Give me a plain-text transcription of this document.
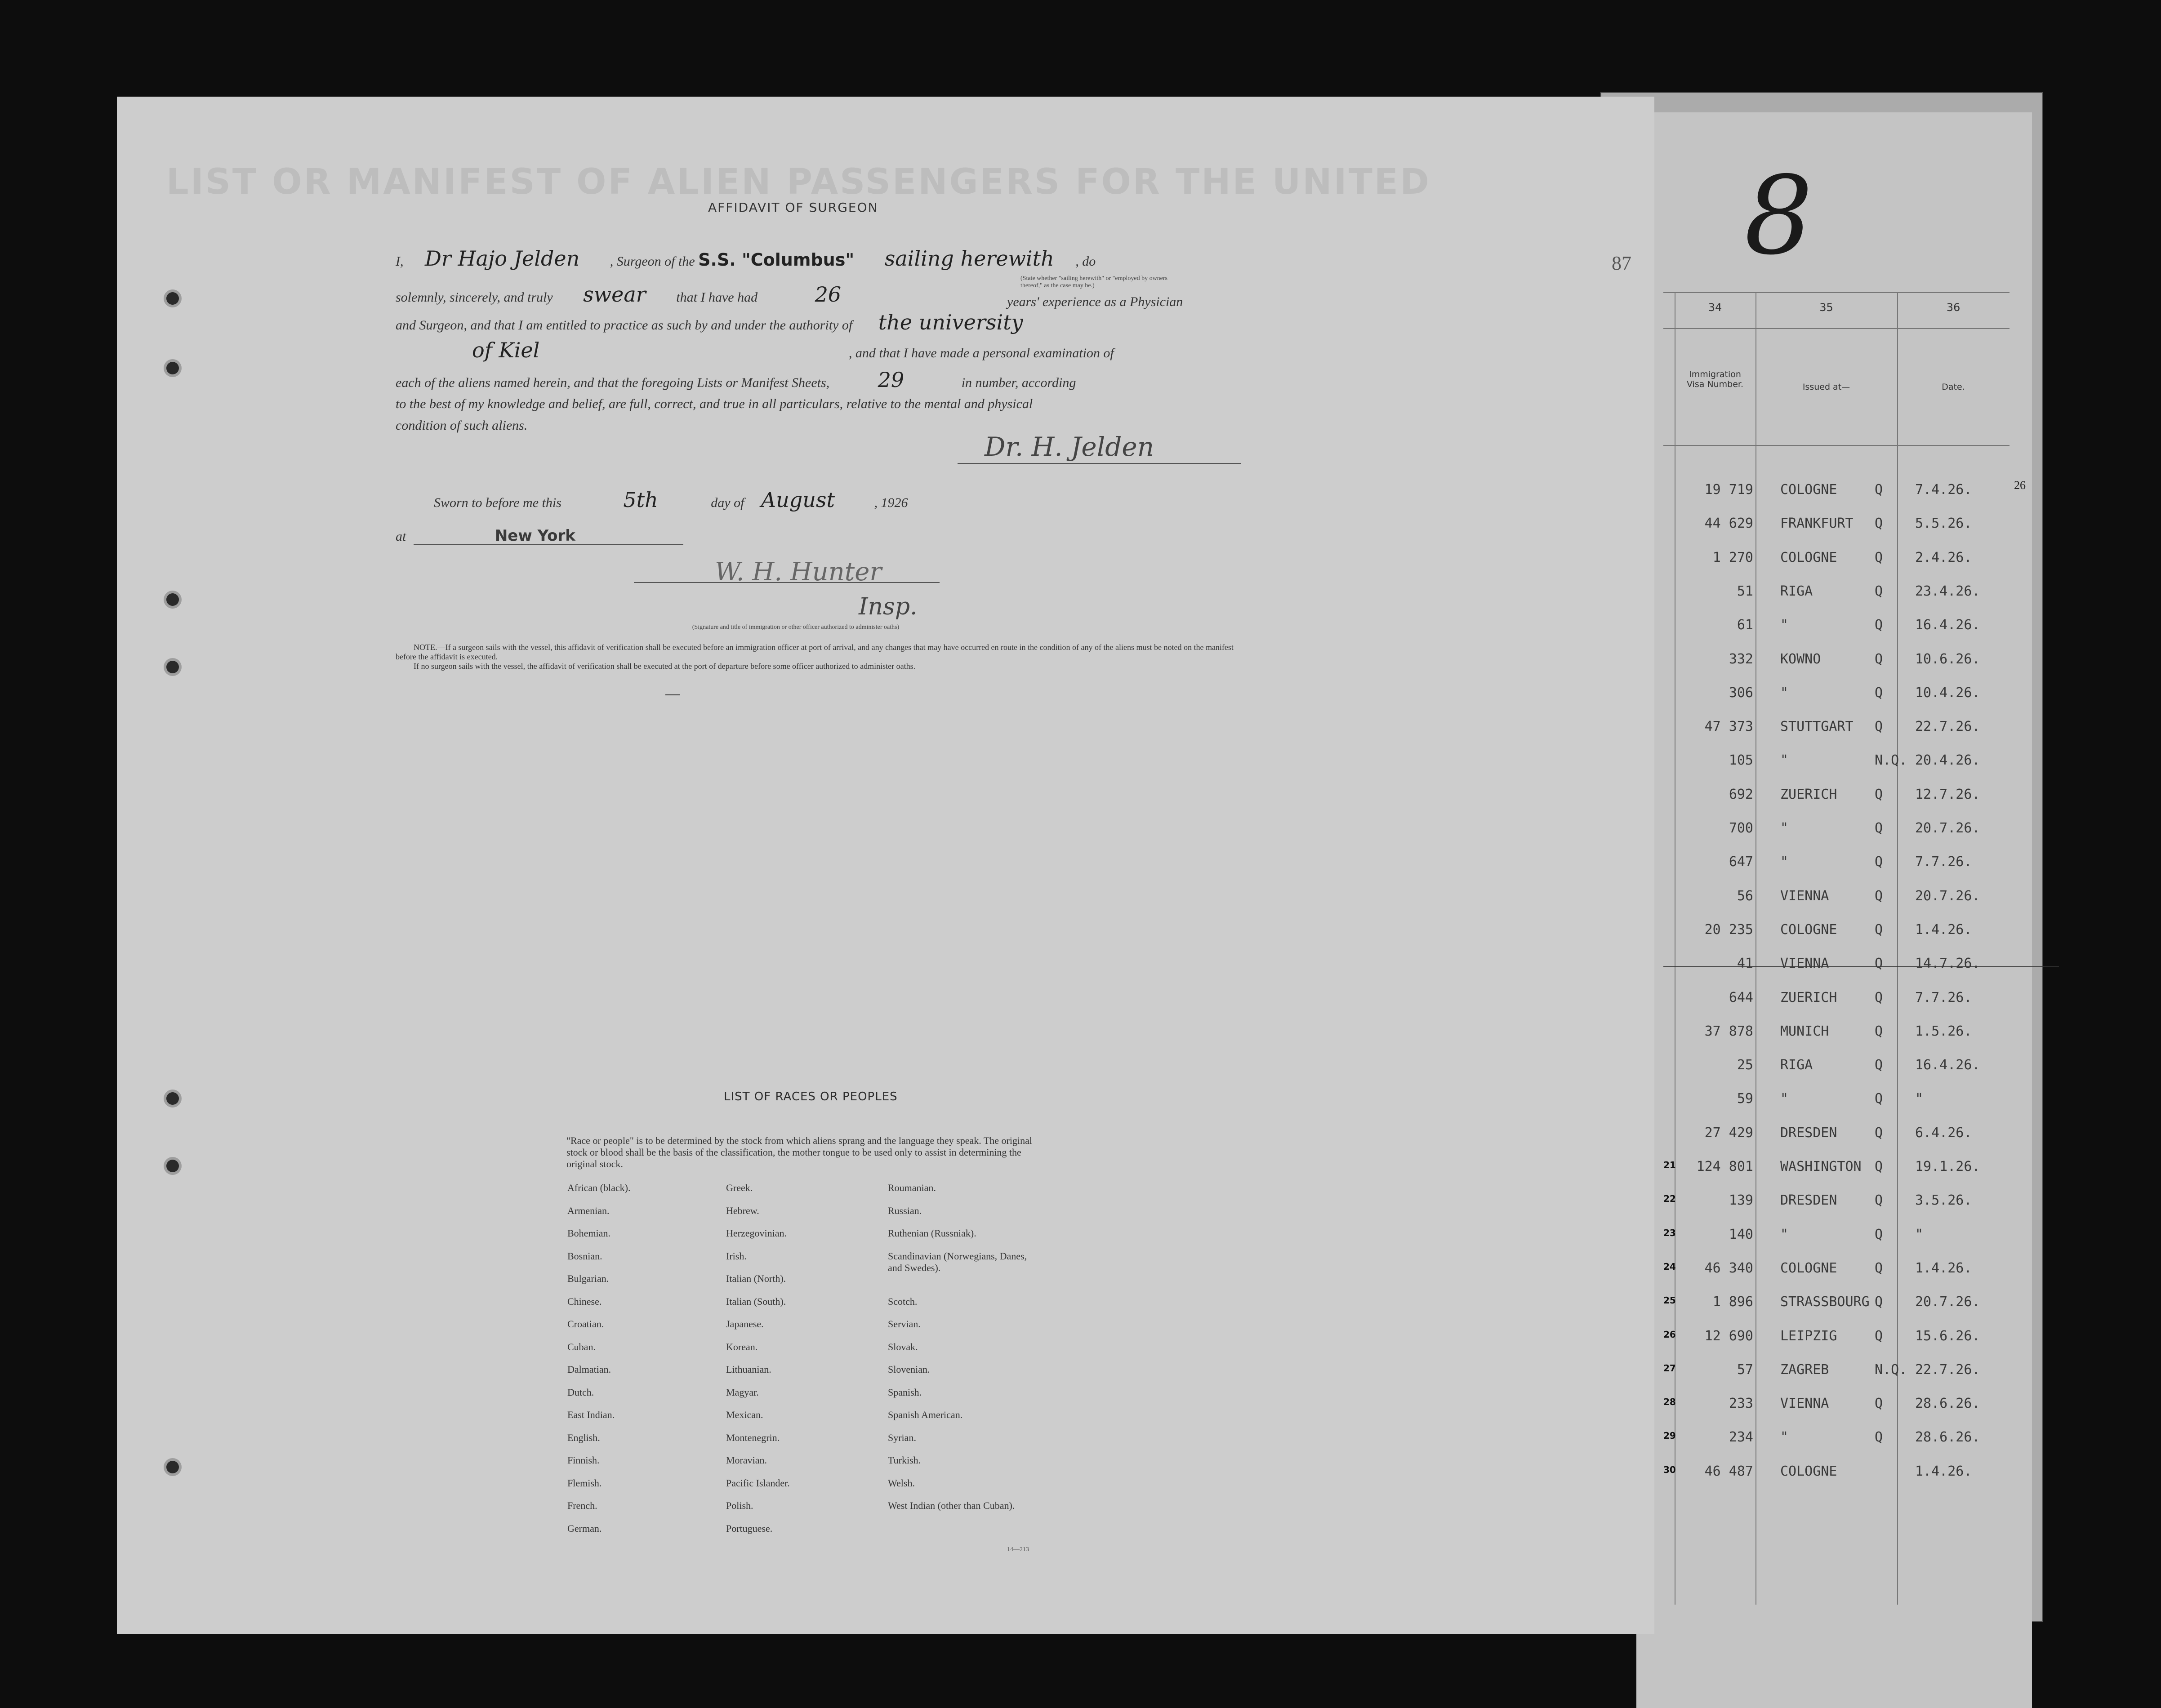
LIST OR MANIFEST OF ALIEN PASSENGERS FOR THE UNITED	8
87
AFFIDAVIT OF SURGEON
I, Dr Hajo Jelden , Surgeon of the S.S. "Columbus" sailing herewith , do
(State whether "sailing herewith" or "employed by owners thereof," as the case may be.)
solemnly, sincerely, and truly swear that I have had	26	years' experience as a Physician
and Surgeon, and that I am entitled to practice as such by and under the authority of the university
of Kiel	, and that I have made a personal examination of
each of the aliens named herein, and that the foregoing Lists or Manifest Sheets, 29	in number, according
to the best of my knowledge and belief, are full, correct, and true in all particulars, relative to the mental and physical
condition of such aliens.
Dr. H. Jelden
Sworn to before me this	5th	day of August	, 1926
at	New York
W. H. Hunter
Insp.
(Signature and title of immigration or other officer authorized to administer oaths)
NOTE.—If a surgeon sails with the vessel, this affidavit of verification shall be executed before an immigration officer at port of arrival, and any changes that may have occurred en route in the condition of any of the aliens must be noted on the manifest before the affidavit is executed.
If no surgeon sails with the vessel, the affidavit of verification shall be executed at the port of departure before some officer authorized to administer oaths.
LIST OF RACES OR PEOPLES
"Race or people" is to be determined by the stock from which aliens sprang and the language they speak. The original stock or blood shall be the basis of the classification, the mother tongue to be used only to assist in determining the original stock.
African (black).
Armenian.
Bohemian.
Bosnian.
Bulgarian.
Chinese.
Croatian.
Cuban.
Dalmatian.
Dutch.
East Indian.
English.
Finnish.
Flemish.
French.
German.
Greek.
Hebrew.
Herzegovinian.
Irish.
Italian (North).
Italian (South).
Japanese.
Korean.
Lithuanian.
Magyar.
Mexican.
Montenegrin.
Moravian.
Pacific Islander.
Polish.
Portuguese.
Roumanian.
Russian.
Ruthenian (Russniak).
Scandinavian (Norwegians, Danes, and Swedes).
Scotch.
Servian.
Slovak.
Slovenian.
Spanish.
Spanish American.
Syrian.
Turkish.
Welsh.
West Indian (other than Cuban).
14—213
34	35	36
Immigration Visa Number.	Issued at—	Date.
26
19 719 COLOGNE	Q 7.4.26.
44 629 FRANKFURT Q 5.5.26.
1 270 COLOGNE	Q 2.4.26.
51 RIGA	Q 23.4.26.
61 "	Q 16.4.26.
332 KOWNO	Q 10.6.26.
306 "	Q 10.4.26.
47 373 STUTTGART Q 22.7.26.
105 "	N.Q. 20.4.26.
692 ZUERICH	Q 12.7.26.
700 "	Q 20.7.26.
647 "	Q 7.7.26.
56 VIENNA	Q 20.7.26.
20 235 COLOGNE	Q 1.4.26.
41 VIENNA	Q 14.7.26.
644 ZUERICH	Q 7.7.26.
37 878 MUNICH	Q 1.5.26.
25 RIGA	Q 16.4.26.
59 "	Q "
27 429 DRESDEN	Q 6.4.26.
21	124 801 WASHINGTON Q 19.1.26.
22	139 DRESDEN	Q 3.5.26.
23	140 "	Q "
24	46 340 COLOGNE	Q 1.4.26.
25	1 896 STRASSBOURG Q 20.7.26.
26	12 690 LEIPZIG	Q 15.6.26.
27	57 ZAGREB	N.Q. 22.7.26.
28	233 VIENNA	Q 28.6.26.
29	234 "	Q 28.6.26.
30	46 487 COLOGNE	1.4.26.
